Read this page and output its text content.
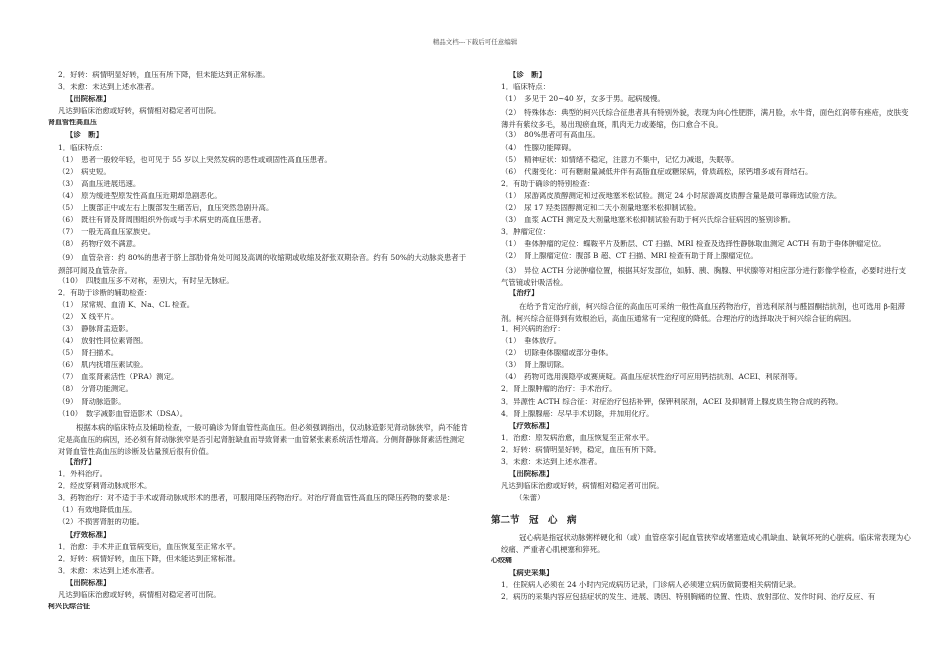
精品文档---下载后可任意编辑
2．好转：病情明显好转，血压有所下降，但未能达到正常标准。
3．未愈：未达到上述水准者。
【出院标准】
凡达到临床治愈或好转，病情相对稳定者可出院。
肾血管性高血压
【诊　断】
1．临床特点：
（1）　患者一般较年轻，也可见于 55 岁以上突然发病的恶性或顽固性高血压患者。
（2）　病史短。
（3）　高血压进展迅速。
（4）　原为缓进型原发性高血压近期却急剧恶化。
（5）　上腹部正中或左右上腹部发生痛苦后，血压突然急剧升高。
（6）　既往有肾及肾周围组织外伤或与手术病史的高血压患者。
（7）　一般无高血压家族史。
（8）　药物疗效不满意。
（9）　血管杂音：约 80%的患者于脐上部肋骨角处可闻及高调的收缩期或收缩及舒张双期杂音。约有 50%的大动脉炎患者于颈部可闻及血管杂音。
（10）　四肢血压多不对称，差别大，有时呈无脉症。
2．有助于诊断的辅助检查：
（1）　尿常规、血清 K、Na、CL 检查。
（2）　X 线平片。
（3）　静脉肾盂造影。
（4）　放射性同位素肾图。
（5）　肾扫描术。
（6）　肌内抚增压素试验。
（7）　血浆肾素活性（PRA）测定。
（8）　分肾功能测定。
（9）　肾动脉造影。
（10）　数字减影血管造影术（DSA）。
根据本病的临床特点及辅助检查，一般可确诊为肾血管性高血压。但必须强调指出，仅动脉造影见肾动脉狭窄，尚不能肯定是高血压的病因，还必须有肾动脉狭窄是否引起肾脏缺血而导致肾素一血管紧张素系统活性增高。分侧肾静脉肾素活性测定对肾血管性高血压的诊断及估量预后很有价值。
【治疗】
1．外科治疗。
2．经皮穿刺肾动脉成形术。
3．药物治疗：对不适于手术或肾动脉成形术的患者，可服用降压药物治疗。对治疗肾血管性高血压的降压药物的要求是：
（1）有效地降低血压。
（2）不损害肾脏的功能。
【疗效标准】
1．治愈：手术并正血管病变后，血压恢复至正常水平。
2．好转：病情好转，血压下降，但未能达到正常标准。
3．未愈：未达到上述水准者。
【出院标准】
凡达到临床治愈或好转，病情相对稳定者可出院。
柯兴氏综合征
【诊　断】
1．临床特点：
（1）　多见于 20~40 岁，女多于男。起病缓慢。
（2）　特殊体态：典型的柯兴氏综合征患者具有特别外貌，表现为向心性肥胖，满月脸，水牛背，面色红润带有痤疮，皮肤变薄并有紫纹多毛，易出现瘀血斑，肌肉无力或萎缩，伤口愈合不良。
（3）　80%患者可有高血压。
（4）　性腺功能障碍。
（5）　精神症状：如情绪不稳定，注意力不集中，记忆力减退，失眠等。
（6）　代谢变化：可有糖耐量减低并伴有高脂血症或糖尿病，骨质疏松，尿钙增多或有肾结石。
2．有助于确诊的特别检查：
（1）　尿游离皮质醇测定和过夜地塞米松试验。测定 24 小时尿游离皮质醇含量是最可靠筛选试验方法。
（2）　尿 17 羟类固醇测定和二天小剂量地塞米松抑制试验。
（3）　血浆 ACTH 测定及大剂量地塞米松抑制试验有助于柯兴氏综合征病因的鉴别诊断。
3．肿瘤定位：
（1）　垂体肿瘤的定位：蝶鞍平片及断层、CT 扫描、MRI 检查及选择性静脉取血测定 ACTH 有助于垂体肿瘤定位。
（2）　肾上腺瘤定位：腹部 B 超、CT 扫描、MRI 检查有助于肾上腺瘤定位。
（3）　异位 ACTH 分泌肿瘤位置，根据其好发部位，如肺、胰、胸腺、甲状腺等对相应部分进行影像学检查，必要时进行支气管镜或针吸活检。
【治疗】
在给予肯定治疗前，柯兴综合征的高血压可采纳一般性高血压药物治疗，首选利尿剂与醛固酮拮抗剂，也可选用 β-阻滞剂。柯兴综合征得到有效根治后，高血压通常有一定程度的降低。合理治疗的选择取决于柯兴综合征的病因。
1．柯兴病的治疗：
（1）　垂体放疗。
（2）　切除垂体腺瘤或部分垂体。
（3）　肾上腺切除。
（4）　药物可选用溴隐亭或赛庚啶。高血压症状性治疗可应用钙拮抗剂、ACEI、利尿剂等。
2．肾上腺肿瘤的治疗：手术治疗。
3．异源性 ACTH 综合征：对症治疗包括补钾，保钾利尿剂，ACEI 及抑制肾上腺皮质生物合成的药物。
4．肾上腺腺癌：尽早手术切除，并加用化疗。
【疗效标准】
1．治愈：原发病治愈，血压恢复至正常水平。
2．好转：病情明显好转，稳定，血压有所下降。
3．未愈：未达到上述水准者。
【出院标准】
凡达到临床治愈或好转，病情相对稳定者可出院。
（朱蕾）
第二节　冠　心　病
冠心病是指冠状动脉粥样硬化和（或）血管痉挛引起血管狭窄或堵塞造成心肌缺血、缺氧坏死的心脏病。临床常表现为心绞痛、严重者心肌梗塞和猝死。
心绞痛
【病史采集】
1．住院病人必须在 24 小时内完成病历记录，门诊病人必须建立病历做简要相关病情记录。
2．病历的采集内容应包括症状的发生、进展、诱因、特别胸痛的位置、性质、放射部位、发作时间、治疗反应、有
